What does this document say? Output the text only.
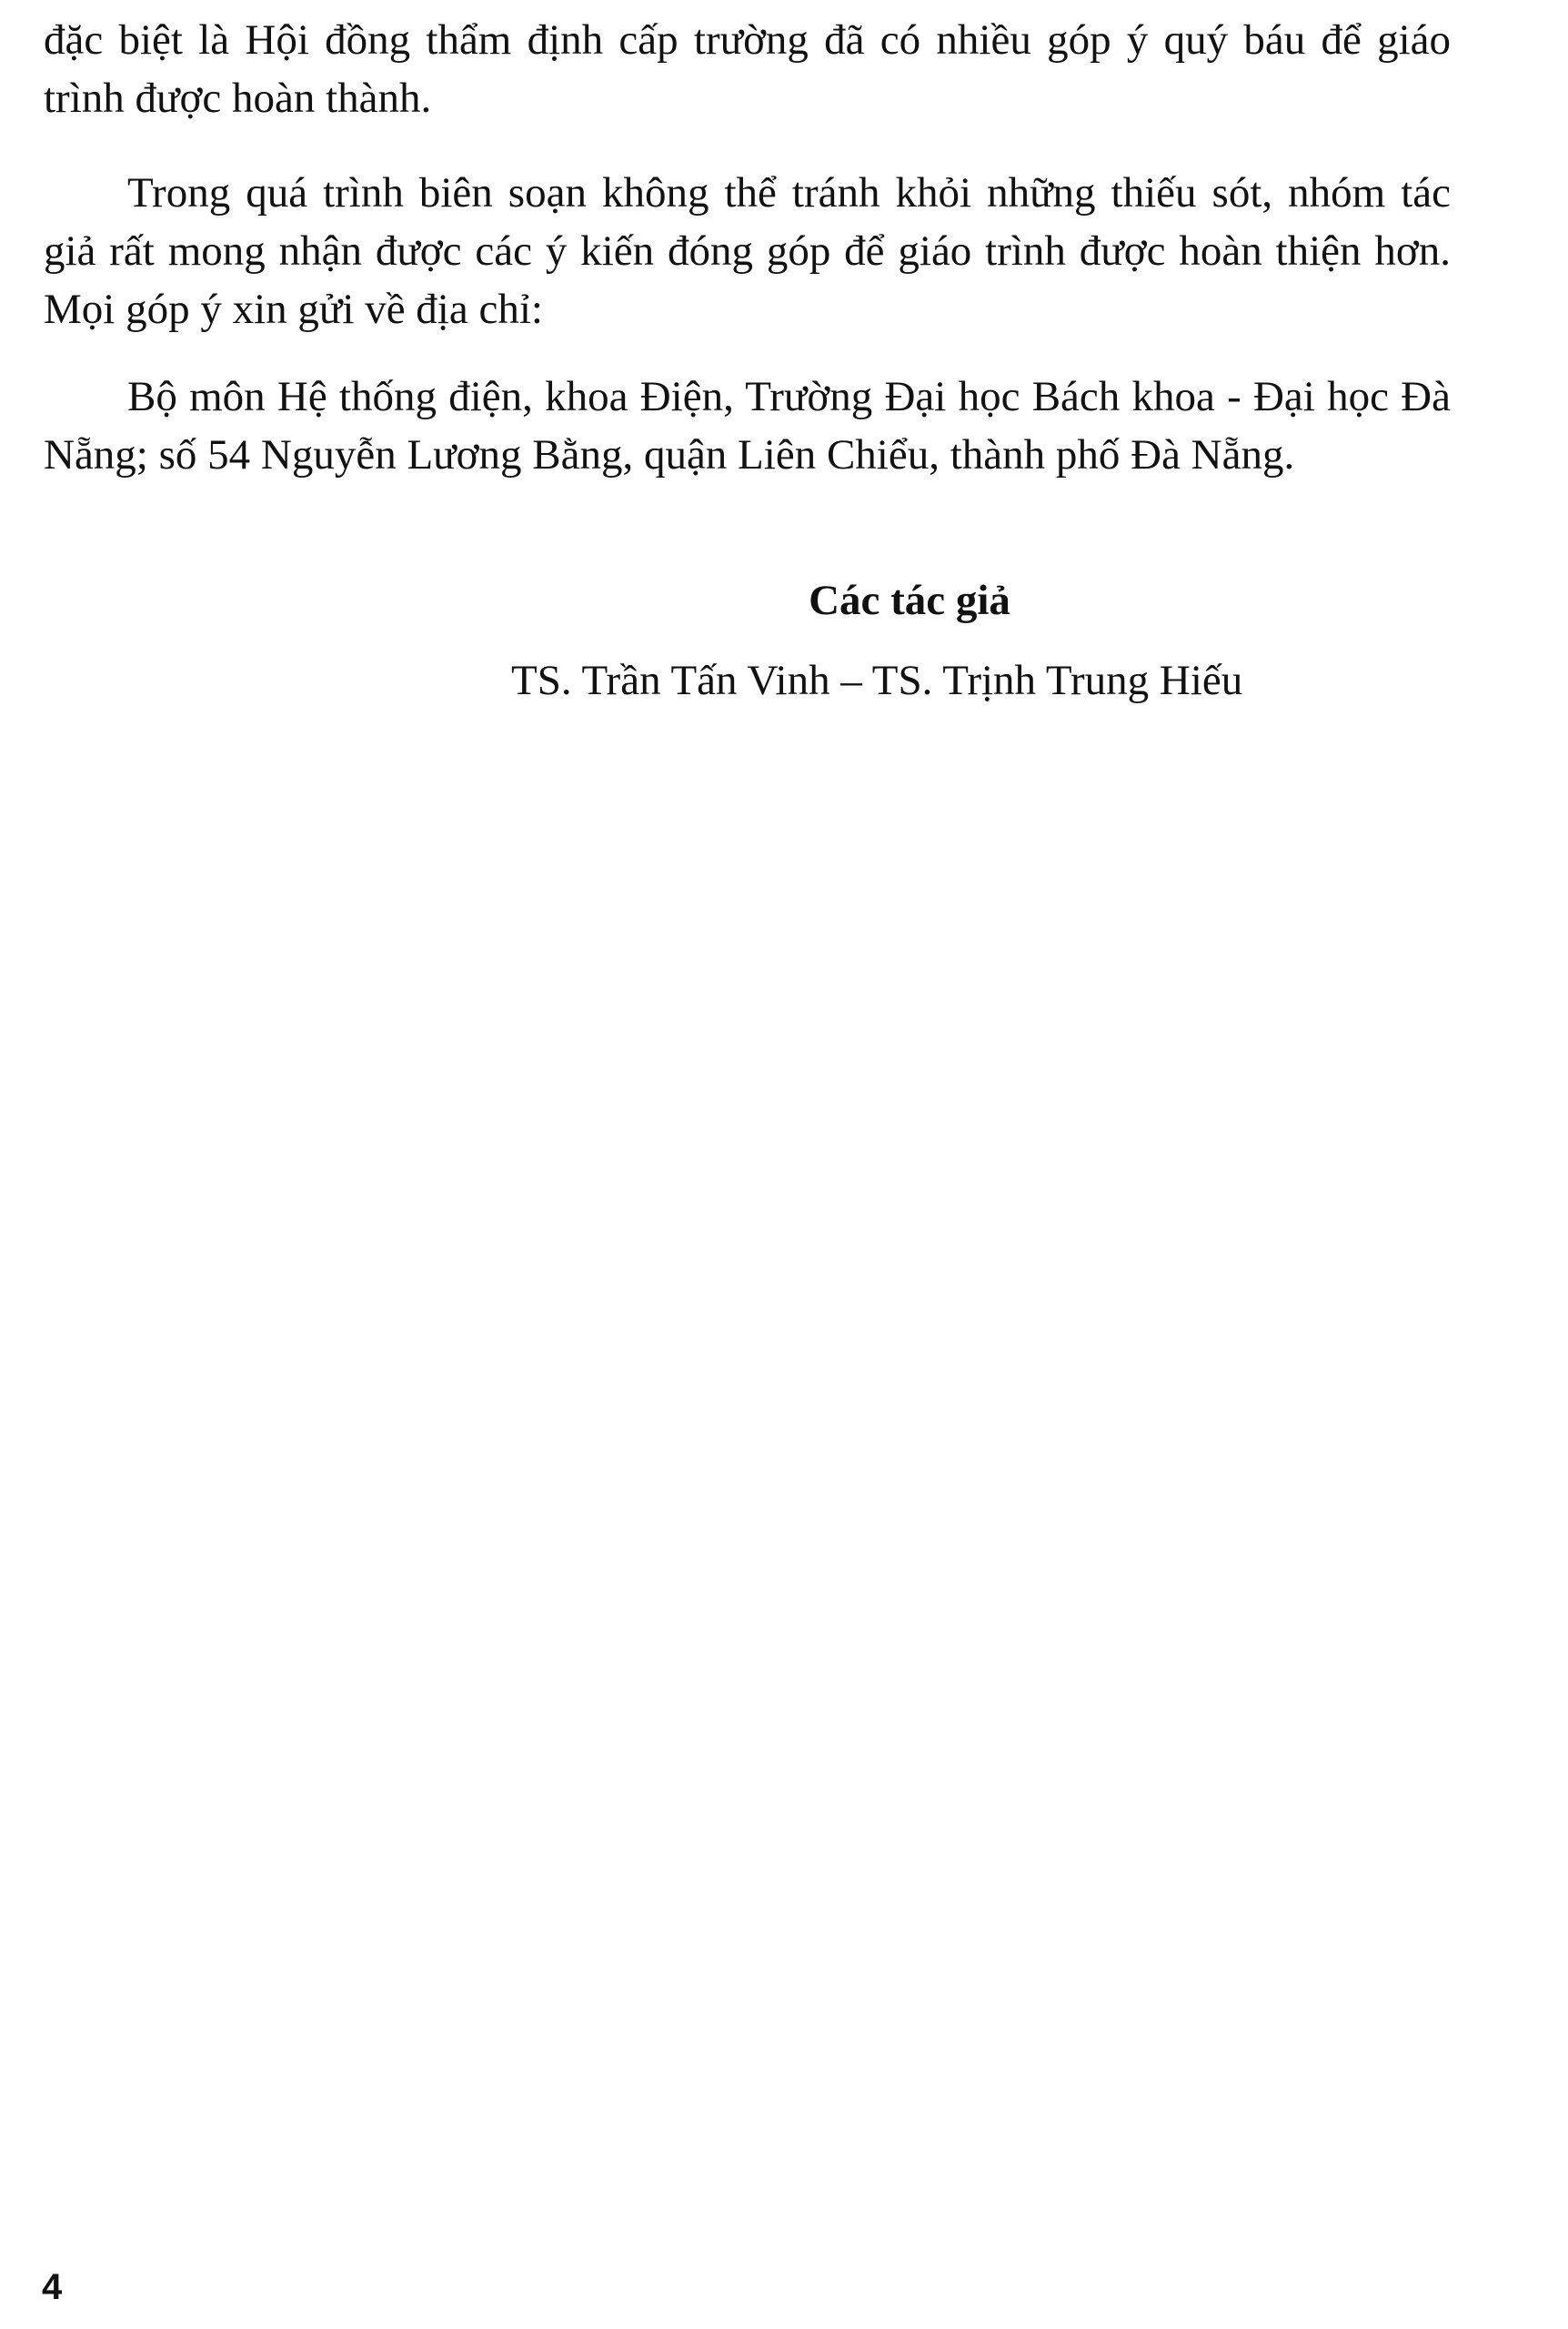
đặc biệt là Hội đồng thẩm định cấp trường đã có nhiều góp ý quý báu để giáo trình được hoàn thành.

Trong quá trình biên soạn không thể tránh khỏi những thiếu sót, nhóm tác giả rất mong nhận được các ý kiến đóng góp để giáo trình được hoàn thiện hơn. Mọi góp ý xin gửi về địa chỉ:

Bộ môn Hệ thống điện, khoa Điện, Trường Đại học Bách khoa - Đại học Đà Nẵng; số 54 Nguyễn Lương Bằng, quận Liên Chiểu, thành phố Đà Nẵng.

Các tác giả
TS. Trần Tấn Vinh – TS. Trịnh Trung Hiếu
4
